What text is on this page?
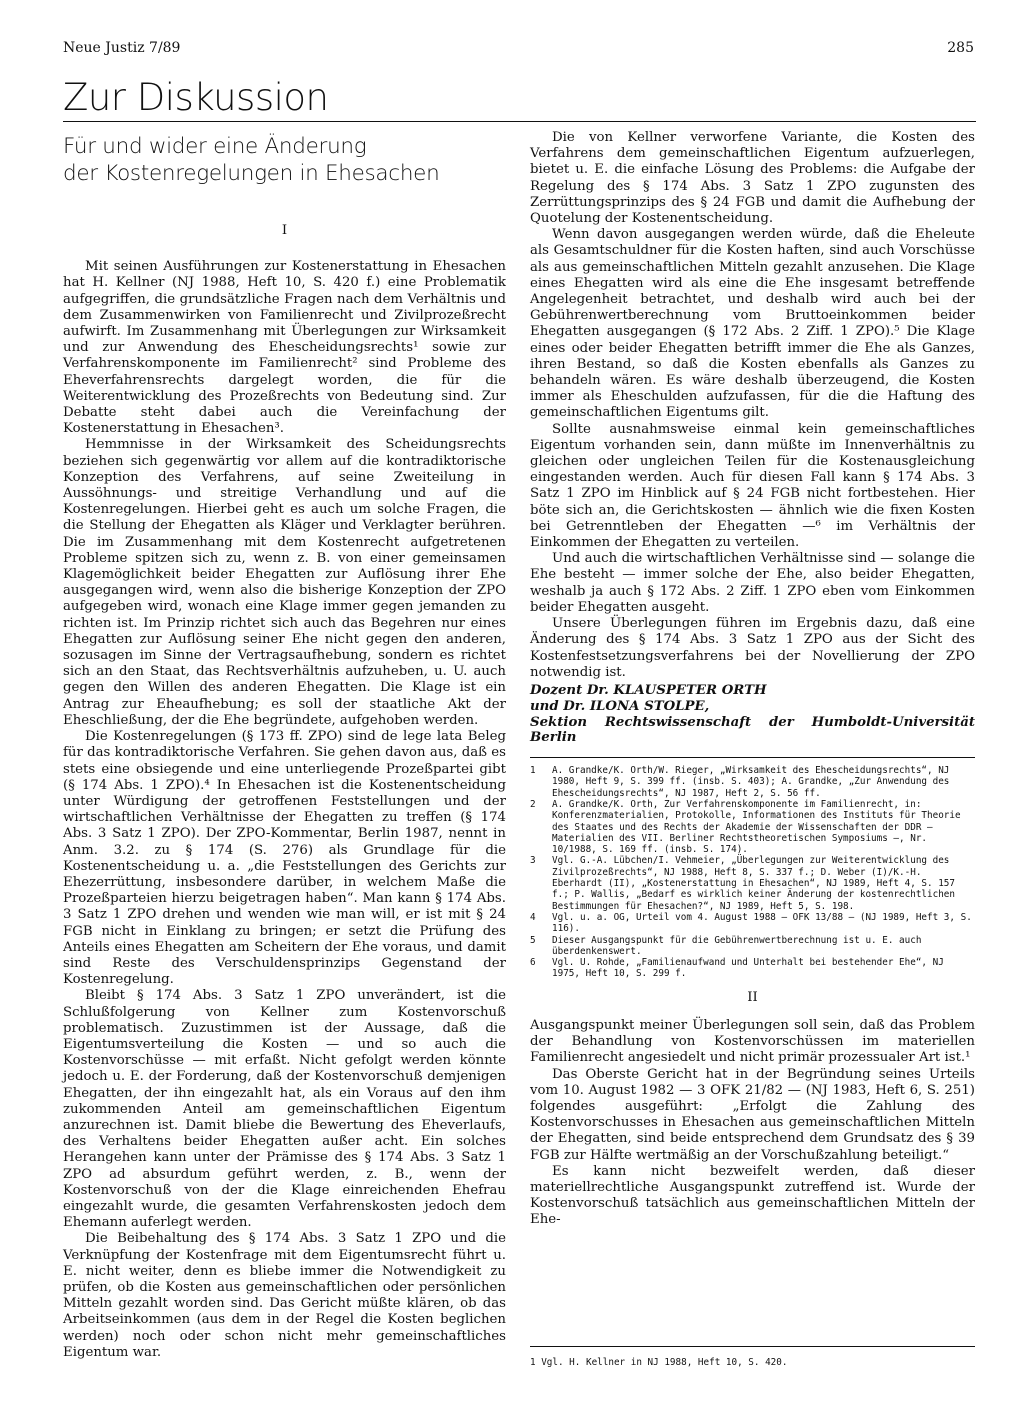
Neue Justiz 7/89	285
Zur Diskussion
Für und wider eine Änderung
der Kostenregelungen in Ehesachen
I

Mit seinen Ausführungen zur Kostenerstattung in Ehesachen hat H. Kellner (NJ 1988, Heft 10, S. 420 f.) eine Problematik aufgegriffen, die grundsätzliche Fragen nach dem Verhältnis und dem Zusammenwirken von Familienrecht und Zivilprozeßrecht aufwirft. Im Zusammenhang mit Überlegungen zur Wirksamkeit und zur Anwendung des Ehescheidungsrechts¹ sowie zur Verfahrenskomponente im Familienrecht² sind Probleme des Eheverfahrensrechts dargelegt worden, die für die Weiterentwicklung des Prozeßrechts von Bedeutung sind. Zur Debatte steht dabei auch die Vereinfachung der Kostenerstattung in Ehesachen³.

Hemmnisse in der Wirksamkeit des Scheidungsrechts beziehen sich gegenwärtig vor allem auf die kontradiktorische Konzeption des Verfahrens, auf seine Zweiteilung in Aussöhnungs- und streitige Verhandlung und auf die Kostenregelungen. Hierbei geht es auch um solche Fragen, die die Stellung der Ehegatten als Kläger und Verklagter berühren. Die im Zusammenhang mit dem Kostenrecht aufgetretenen Probleme spitzen sich zu, wenn z. B. von einer gemeinsamen Klagemöglichkeit beider Ehegatten zur Auflösung ihrer Ehe ausgegangen wird, wenn also die bisherige Konzeption der ZPO aufgegeben wird, wonach eine Klage immer gegen jemanden zu richten ist. Im Prinzip richtet sich auch das Begehren nur eines Ehegatten zur Auflösung seiner Ehe nicht gegen den anderen, sozusagen im Sinne der Vertragsaufhebung, sondern es richtet sich an den Staat, das Rechtsverhältnis aufzuheben, u. U. auch gegen den Willen des anderen Ehegatten. Die Klage ist ein Antrag zur Eheaufhebung; es soll der staatliche Akt der Eheschließung, der die Ehe begründete, aufgehoben werden.

Die Kostenregelungen (§ 173 ff. ZPO) sind de lege lata Beleg für das kontradiktorische Verfahren. Sie gehen davon aus, daß es stets eine obsiegende und eine unterliegende Prozeßpartei gibt (§ 174 Abs. 1 ZPO).⁴ In Ehesachen ist die Kostenentscheidung unter Würdigung der getroffenen Feststellungen und der wirtschaftlichen Verhältnisse der Ehegatten zu treffen (§ 174 Abs. 3 Satz 1 ZPO). Der ZPO-Kommentar, Berlin 1987, nennt in Anm. 3.2. zu § 174 (S. 276) als Grundlage für die Kostenentscheidung u. a. „die Feststellungen des Gerichts zur Ehezerrüttung, insbesondere darüber, in welchem Maße die Prozeßparteien hierzu beigetragen haben“. Man kann § 174 Abs. 3 Satz 1 ZPO drehen und wenden wie man will, er ist mit § 24 FGB nicht in Einklang zu bringen; er setzt die Prüfung des Anteils eines Ehegatten am Scheitern der Ehe voraus, und damit sind Reste des Verschuldensprinzips Gegenstand der Kostenregelung.

Bleibt § 174 Abs. 3 Satz 1 ZPO unverändert, ist die Schlußfolgerung von Kellner zum Kostenvorschuß problematisch. Zuzustimmen ist der Aussage, daß die Eigentumsverteilung die Kosten — und so auch die Kostenvorschüsse — mit erfaßt. Nicht gefolgt werden könnte jedoch u. E. der Forderung, daß der Kostenvorschuß demjenigen Ehegatten, der ihn eingezahlt hat, als ein Voraus auf den ihm zukommenden Anteil am gemeinschaftlichen Eigentum anzurechnen ist. Damit bliebe die Bewertung des Eheverlaufs, des Verhaltens beider Ehegatten außer acht. Ein solches Herangehen kann unter der Prämisse des § 174 Abs. 3 Satz 1 ZPO ad absurdum geführt werden, z. B., wenn der Kostenvorschuß von der die Klage einreichenden Ehefrau eingezahlt wurde, die gesamten Verfahrenskosten jedoch dem Ehemann auferlegt werden.

Die Beibehaltung des § 174 Abs. 3 Satz 1 ZPO und die Verknüpfung der Kostenfrage mit dem Eigentumsrecht führt u. E. nicht weiter, denn es bliebe immer die Notwendigkeit zu prüfen, ob die Kosten aus gemeinschaftlichen oder persönlichen Mitteln gezahlt worden sind. Das Gericht müßte klären, ob das Arbeitseinkommen (aus dem in der Regel die Kosten beglichen werden) noch oder schon nicht mehr gemeinschaftliches Eigentum war.

Die von Kellner verworfene Variante, die Kosten des Verfahrens dem gemeinschaftlichen Eigentum aufzuerlegen, bietet u. E. die einfache Lösung des Problems: die Aufgabe der Regelung des § 174 Abs. 3 Satz 1 ZPO zugunsten des Zerrüttungsprinzips des § 24 FGB und damit die Aufhebung der Quotelung der Kostenentscheidung.

Wenn davon ausgegangen werden würde, daß die Eheleute als Gesamtschuldner für die Kosten haften, sind auch Vorschüsse als aus gemeinschaftlichen Mitteln gezahlt anzusehen. Die Klage eines Ehegatten wird als eine die Ehe insgesamt betreffende Angelegenheit betrachtet, und deshalb wird auch bei der Gebührenwertberechnung vom Bruttoeinkommen beider Ehegatten ausgegangen (§ 172 Abs. 2 Ziff. 1 ZPO).⁵ Die Klage eines oder beider Ehegatten betrifft immer die Ehe als Ganzes, ihren Bestand, so daß die Kosten ebenfalls als Ganzes zu behandeln wären. Es wäre deshalb überzeugend, die Kosten immer als Eheschulden aufzufassen, für die die Haftung des gemeinschaftlichen Eigentums gilt.

Sollte ausnahmsweise einmal kein gemeinschaftliches Eigentum vorhanden sein, dann müßte im Innenverhältnis zu gleichen oder ungleichen Teilen für die Kostenausgleichung eingestanden werden. Auch für diesen Fall kann § 174 Abs. 3 Satz 1 ZPO im Hinblick auf § 24 FGB nicht fortbestehen. Hier böte sich an, die Gerichtskosten — ähnlich wie die fixen Kosten bei Getrenntleben der Ehegatten —⁶ im Verhältnis der Einkommen der Ehegatten zu verteilen.

Und auch die wirtschaftlichen Verhältnisse sind — solange die Ehe besteht — immer solche der Ehe, also beider Ehegatten, weshalb ja auch § 172 Abs. 2 Ziff. 1 ZPO eben vom Einkommen beider Ehegatten ausgeht.

Unsere Überlegungen führen im Ergebnis dazu, daß eine Änderung des § 174 Abs. 3 Satz 1 ZPO aus der Sicht des Kostenfestsetzungsverfahrens bei der Novellierung der ZPO notwendig ist.

Dozent Dr. KLAUSPETER ORTH
und Dr. ILONA STOLPE,
Sektion Rechtswissenschaft der Humboldt-Universität Berlin
1	A. Grandke/K. Orth/W. Rieger, „Wirksamkeit des Ehescheidungsrechts“, NJ 1980, Heft 9, S. 399 ff. (insb. S. 403); A. Grandke, „Zur Anwendung des Ehescheidungsrechts“, NJ 1987, Heft 2, S. 56 ff.
2	A. Grandke/K. Orth, Zur Verfahrenskomponente im Familienrecht, in: Konferenzmaterialien, Protokolle, Informationen des Instituts für Theorie des Staates und des Rechts der Akademie der Wissenschaften der DDR — Materialien des VII. Berliner Rechtstheoretischen Symposiums —, Nr. 10/1988, S. 169 ff. (insb. S. 174).
3	Vgl. G.-A. Lübchen/I. Vehmeier, „Überlegungen zur Weiterentwicklung des Zivilprozeßrechts“, NJ 1988, Heft 8, S. 337 f.; D. Weber (I)/K.-H. Eberhardt (II), „Kostenerstattung in Ehesachen“, NJ 1989, Heft 4, S. 157 f.; P. Wallis, „Bedarf es wirklich keiner Änderung der kostenrechtlichen Bestimmungen für Ehesachen?“, NJ 1989, Heft 5, S. 198.
4	Vgl. u. a. OG, Urteil vom 4. August 1988 — OFK 13/88 — (NJ 1989, Heft 3, S. 116).
5	Dieser Ausgangspunkt für die Gebührenwertberechnung ist u. E. auch überdenkenswert.
6	Vgl. U. Rohde, „Familienaufwand und Unterhalt bei bestehender Ehe“, NJ 1975, Heft 10, S. 299 f.
II

Ausgangspunkt meiner Überlegungen soll sein, daß das Problem der Behandlung von Kostenvorschüssen im materiellen Familienrecht angesiedelt und nicht primär prozessualer Art ist.¹

Das Oberste Gericht hat in der Begründung seines Urteils vom 10. August 1982 — 3 OFK 21/82 — (NJ 1983, Heft 6, S. 251) folgendes ausgeführt: „Erfolgt die Zahlung des Kostenvorschusses in Ehesachen aus gemeinschaftlichen Mitteln der Ehegatten, sind beide entsprechend dem Grundsatz des § 39 FGB zur Hälfte wertmäßig an der Vorschußzahlung beteiligt.“

Es kann nicht bezweifelt werden, daß dieser materiellrechtliche Ausgangspunkt zutreffend ist. Wurde der Kostenvorschuß tatsächlich aus gemeinschaftlichen Mitteln der Ehe-

1 Vgl. H. Kellner in NJ 1988, Heft 10, S. 420.
